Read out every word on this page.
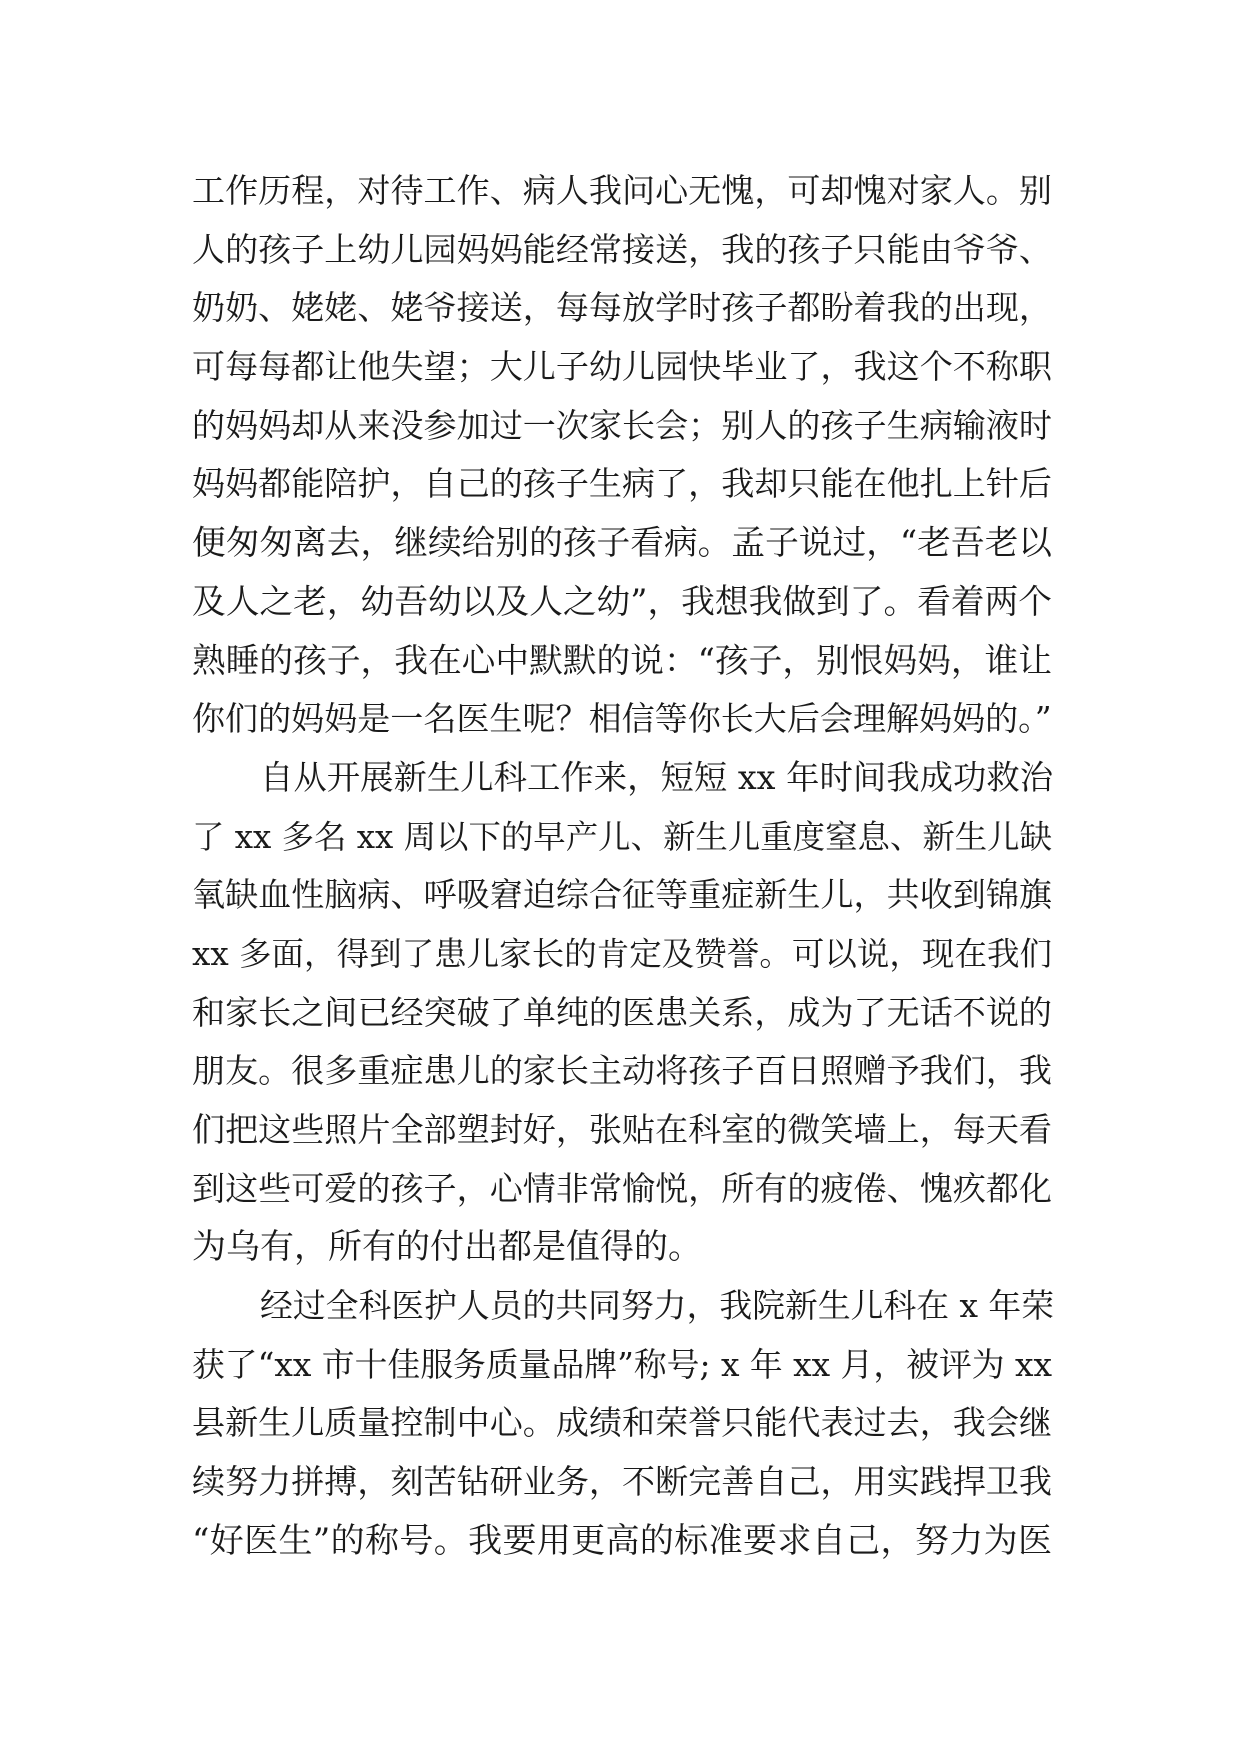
工作历程，对待工作、病人我问心无愧，可却愧对家人。别
人的孩子上幼儿园妈妈能经常接送，我的孩子只能由爷爷、
奶奶、姥姥、姥爷接送，每每放学时孩子都盼着我的出现，
可每每都让他失望；大儿子幼儿园快毕业了，我这个不称职
的妈妈却从来没参加过一次家长会；别人的孩子生病输液时
妈妈都能陪护，自己的孩子生病了，我却只能在他扎上针后
便匆匆离去，继续给别的孩子看病。孟子说过，“老吾老以
及人之老，幼吾幼以及人之幼”，我想我做到了。看着两个
熟睡的孩子，我在心中默默的说：“孩子，别恨妈妈，谁让
你们的妈妈是一名医生呢？相信等你长大后会理解妈妈的。”
自从开展新生儿科工作来，短短 xx 年时间我成功救治
了 xx 多名 xx 周以下的早产儿、新生儿重度窒息、新生儿缺
氧缺血性脑病、呼吸窘迫综合征等重症新生儿，共收到锦旗
xx 多面，得到了患儿家长的肯定及赞誉。可以说，现在我们
和家长之间已经突破了单纯的医患关系，成为了无话不说的
朋友。很多重症患儿的家长主动将孩子百日照赠予我们，我
们把这些照片全部塑封好，张贴在科室的微笑墙上，每天看
到这些可爱的孩子，心情非常愉悦，所有的疲倦、愧疚都化
为乌有，所有的付出都是值得的。
经过全科医护人员的共同努力，我院新生儿科在 x 年荣
获了“xx 市十佳服务质量品牌”称号; x 年 xx 月，被评为 xx
县新生儿质量控制中心。成绩和荣誉只能代表过去，我会继
续努力拼搏，刻苦钻研业务，不断完善自己，用实践捍卫我
“好医生”的称号。我要用更高的标准要求自己，努力为医
